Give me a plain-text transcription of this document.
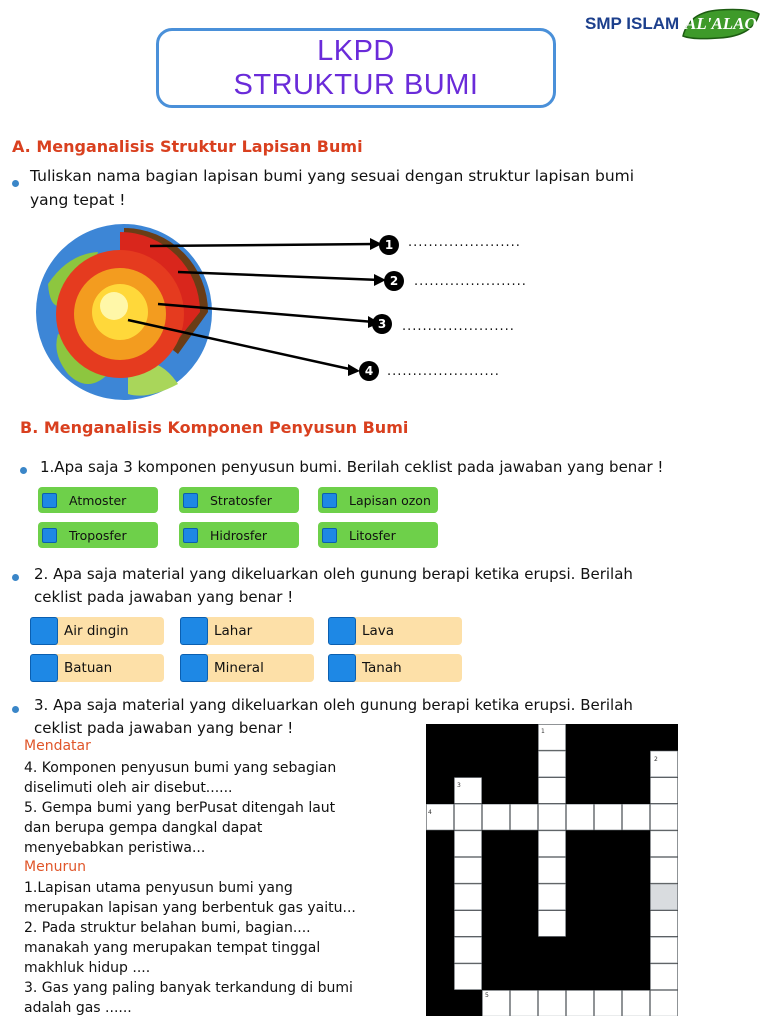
LKPD
STRUKTUR BUMI
SMP ISLAM AL'ALAQ
A. Menganalisis Struktur Lapisan Bumi
Tuliskan nama bagian lapisan bumi yang sesuai dengan struktur lapisan bumi
yang tepat !
1
2
3
4
......................
......................
......................
......................
B. Menganalisis Komponen Penyusun Bumi
1.Apa saja 3 komponen penyusun bumi. Berilah ceklist pada jawaban yang benar !
Atmoster	Stratosfer	Lapisan ozon
Troposfer	Hidrosfer	Litosfer
2. Apa saja material yang dikeluarkan oleh gunung berapi ketika erupsi. Berilah
ceklist pada jawaban yang benar !
Air dingin	Lahar	Lava
Batuan	Mineral	Tanah
3. Apa saja material yang dikeluarkan oleh gunung berapi ketika erupsi. Berilah
ceklist pada jawaban yang benar !
Mendatar
4. Komponen penyusun bumi yang sebagian
diselimuti oleh air disebut......
5. Gempa bumi yang berPusat ditengah laut
dan berupa gempa dangkal dapat
menyebabkan peristiwa...
Menurun
1.Lapisan utama penyusun bumi yang
merupakan lapisan yang berbentuk gas yaitu...
2. Pada struktur belahan bumi, bagian....
manakah yang merupakan tempat tinggal
makhluk hidup ....
3. Gas yang paling banyak terkandung di bumi
adalah gas ......
1
2
3
4
5
